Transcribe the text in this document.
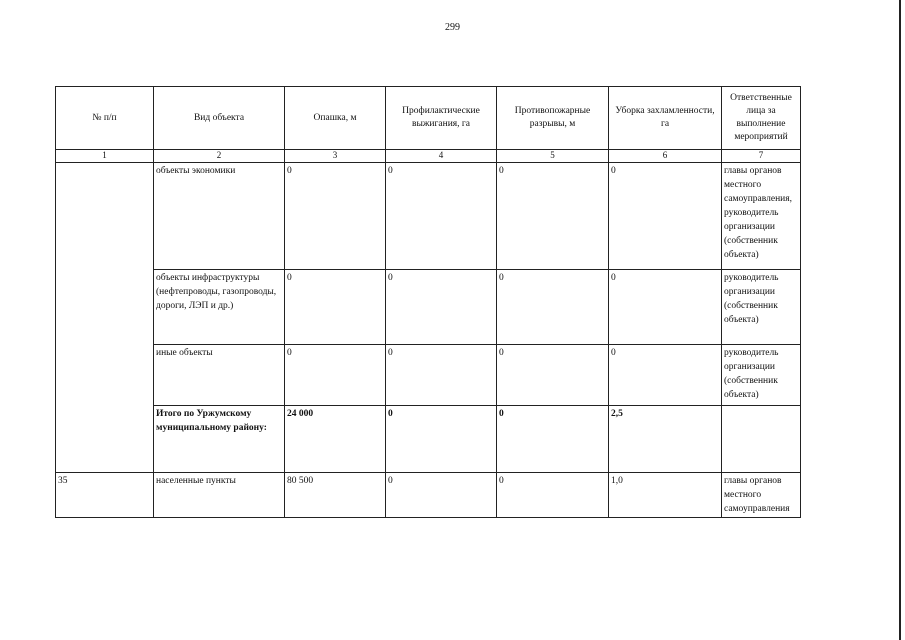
299
№ п/п	Вид объекта	Опашка, м	Профилактические выжигания, га	Противопожарные разрывы, м	Уборка захламленности, га	Ответственные лица за выполнение мероприятий
1	2	3	4	5	6	7
	объекты экономики	0	0	0	0	главы органов местного самоуправления, руководитель организации (собственник объекта)
	объекты инфраструктуры (нефтепроводы, газопроводы, дороги, ЛЭП и др.)	0	0	0	0	руководитель организации (собственник объекта)
	иные объекты	0	0	0	0	руководитель организации (собственник объекта)
	Итого по Уржумскому муниципальному району:	24 000	0	0	2,5	
35	населенные пункты	80 500	0	0	1,0	главы органов местного самоуправления
